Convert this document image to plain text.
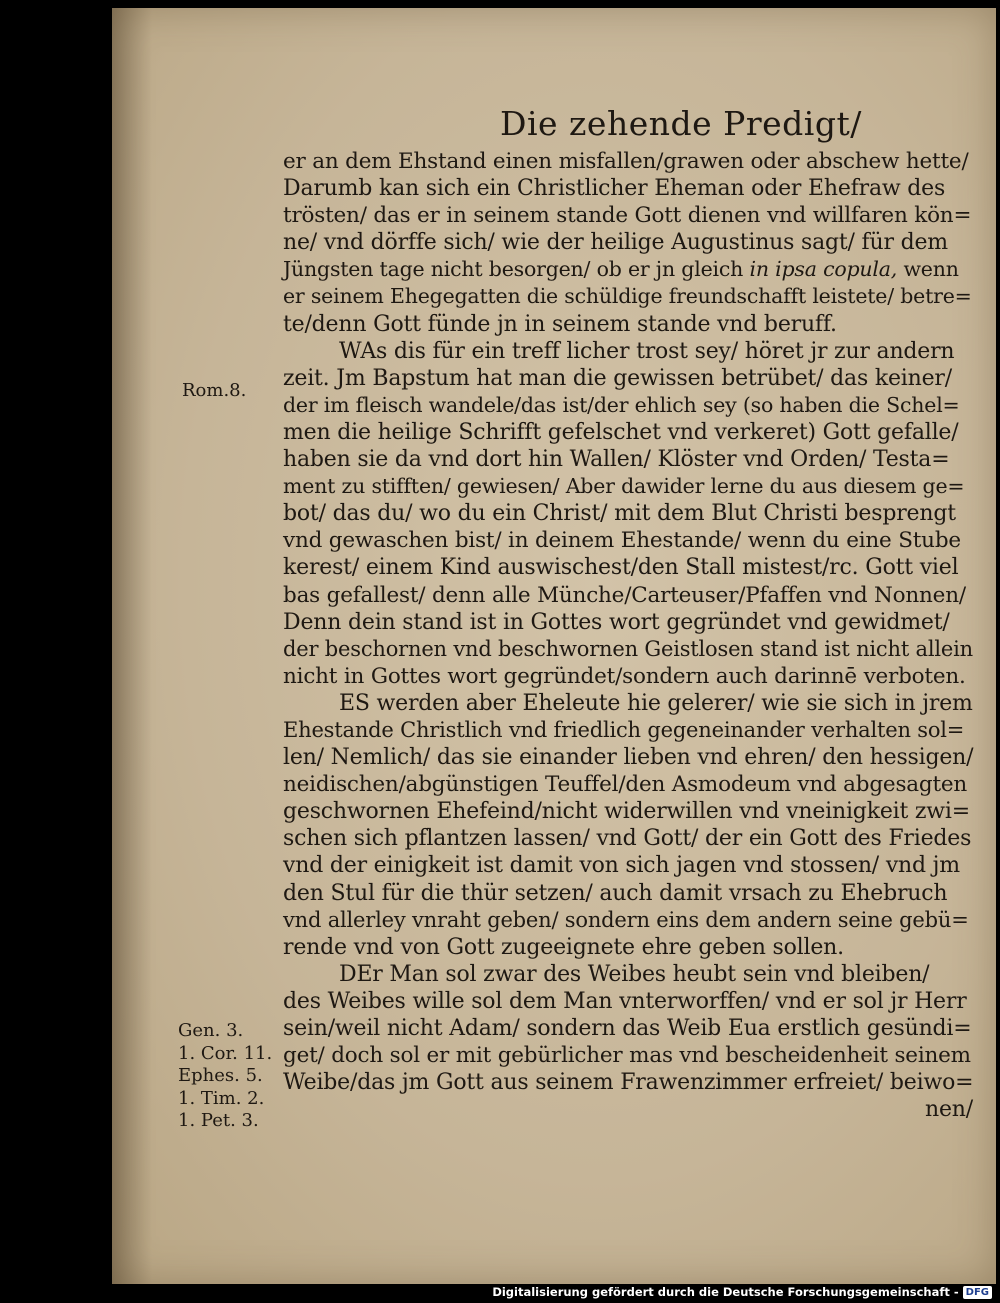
Die zehende Predigt/
er an dem Ehstand einen misfallen/grawen oder abschew hette/
Darumb kan sich ein Christlicher Eheman oder Ehefraw des
trösten/ das er in seinem stande Gott dienen vnd willfaren kön=
ne/ vnd dörffe sich/ wie der heilige Augustinus sagt/ für dem
Jüngsten tage nicht besorgen/ ob er jn gleich in ipsa copula, wenn
er seinem Ehegegatten die schüldige freundschafft leistete/ betre=
te/denn Gott fünde jn in seinem stande vnd beruff.
WAs dis für ein treff licher trost sey/ höret jr zur andern
zeit. Jm Bapstum hat man die gewissen betrübet/ das keiner/
der im fleisch wandele/das ist/der ehlich sey (so haben die Schel=
men die heilige Schrifft gefelschet vnd verkeret) Gott gefalle/
haben sie da vnd dort hin Wallen/ Klöster vnd Orden/ Testa=
ment zu stifften/ gewiesen/ Aber dawider lerne du aus diesem ge=
bot/ das du/ wo du ein Christ/ mit dem Blut Christi besprengt
vnd gewaschen bist/ in deinem Ehestande/ wenn du eine Stube
kerest/ einem Kind auswischest/den Stall mistest/rc. Gott viel
bas gefallest/ denn alle Münche/Carteuser/Pfaffen vnd Nonnen/
Denn dein stand ist in Gottes wort gegründet vnd gewidmet/
der beschornen vnd beschwornen Geistlosen stand ist nicht allein
nicht in Gottes wort gegründet/sondern auch darinnē verboten.
ES werden aber Eheleute hie gelerer/ wie sie sich in jrem
Ehestande Christlich vnd friedlich gegeneinander verhalten sol=
len/ Nemlich/ das sie einander lieben vnd ehren/ den hessigen/
neidischen/abgünstigen Teuffel/den Asmodeum vnd abgesagten
geschwornen Ehefeind/nicht widerwillen vnd vneinigkeit zwi=
schen sich pflantzen lassen/ vnd Gott/ der ein Gott des Friedes
vnd der einigkeit ist damit von sich jagen vnd stossen/ vnd jm
den Stul für die thür setzen/ auch damit vrsach zu Ehebruch
vnd allerley vnraht geben/ sondern eins dem andern seine gebü=
rende vnd von Gott zugeeignete ehre geben sollen.
DEr Man sol zwar des Weibes heubt sein vnd bleiben/
des Weibes wille sol dem Man vnterworffen/ vnd er sol jr Herr
sein/weil nicht Adam/ sondern das Weib Eua erstlich gesündi=
get/ doch sol er mit gebürlicher mas vnd bescheidenheit seinem
Weibe/das jm Gott aus seinem Frawenzimmer erfreiet/ beiwo=
nen/
Rom.8.
Gen. 3.
1. Cor. 11.
Ephes. 5.
1. Tim. 2.
1. Pet. 3.
Digitalisierung gefördert durch die Deutsche Forschungsgemeinschaft - DFG
